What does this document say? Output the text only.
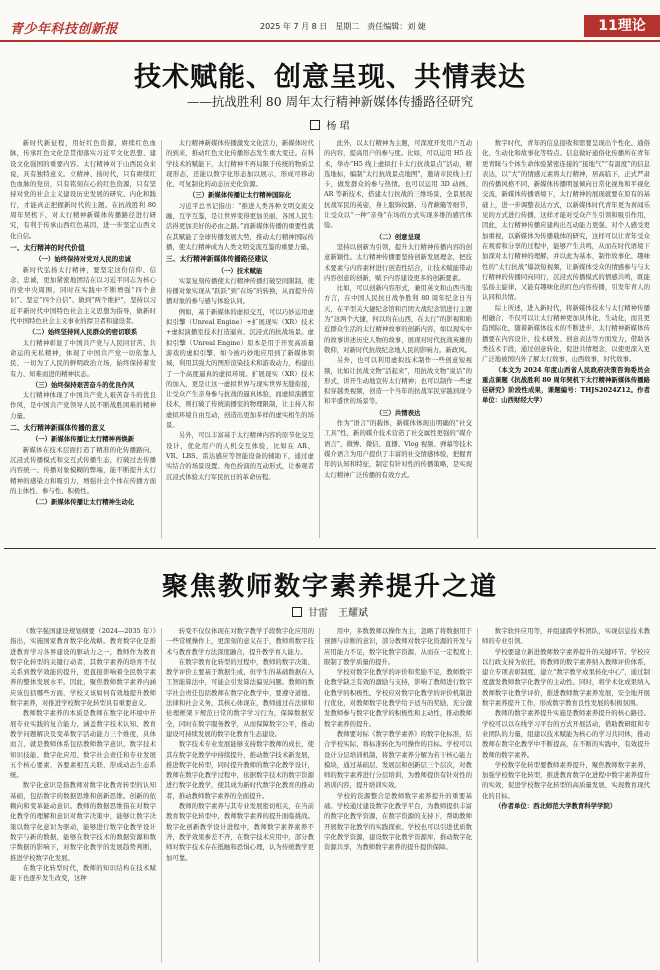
青少年科技创新报	2025 年 7 月 8 日　星期二　责任编辑：刘 婕	11理论
技术赋能、创意呈现、共情表达
——抗战胜利 80 周年太行精神新媒体传播路径研究
杨 珺

新时代新征程，用好红色资源，赓续红色血脉，传承红色文化是贯彻落实习近平文化思想、建设文化强国的重要内容。太行精神对于山西民众来说，具有独特意义。立精神、扬时代，只有赓续红色血脉的党员，只有铭刻在心的红色资源，只有坚持对党的社会主义建设历史发展的研究、内化和践行，才能真正把握新时代的主题。在抗战胜利 80 周年契机下，对太行精神新媒体传播路径进行研究，有利于传承山西红色基因，进一步坚定山西文化自信。

一、太行精神的时代价值
（一）始终保持对党对人民的忠诚

新时代弘扬太行精神，要坚定这份信仰、信念、忠诚，更加紧密地团结在以习近平同志为核心的党中央周围，同时在实践中不断增强“四个意识”、坚定“四个自信”、做到“两个维护”，坚持以习近平新时代中国特色社会主义思想为指导，做新时代中国特色社会主义事业的捍卫者和建设者。

（二）始终坚持同人民群众的密切联系

太行精神彰显了中国共产党与人民同甘苦、共命运的无私精神，体现了中国共产党一切依靠人民、一切为了人民的鲜明政治立场，始终保持着发有力、知难而进的精神状态。

（三）始终保持艰苦奋斗的优良作风

太行精神体现了中国共产党人艰苦奋斗的优良作风，是中国共产党领导人民不断战胜困难的精神力量。

二、太行精神新媒体传播的意义
（一）新媒体传播让太行精神再焕新

新媒体在技术层面打造了精准的化传播路向，沉浸式传播模式和交互式传播生态，打破过去传播内容统一、传播对象模糊的弊端，能不断提升太行精神的感染力和吸引力，增强社会个体在传播方面的主体性、参与性、积极性。

（二）新媒体传播让太行精神生动化

太行精神新媒体传播激发文化活力，新媒体时代的到来，推动红色文化传播形态发生重大变迁。在科学技术的赋能下，太行精神不再局限于传统的物质呈现形态，还能以数字化形态加以展示，形成可移动化、可复制化的动态历史化资源。

（三）新媒体传播让太行精神国际化

习近平总书记指出：“推进人类各种文明交流交融、互学互鉴，是让世界变得更加美丽、各国人民生活得更加美好的必由之路。”而新媒体传播的重要性就在其赋能了全球传播发展大势，推动太行精神国际传播，使太行精神成为人类文明交流互鉴的重要力量。

三、太行精神新媒体传播路径建议
（一）技术赋能

实景复刻传播使太行精神传播打破空间限制，使传播对象实现从“跃跃”到“在场”的转换，从而提升传播对象的参与感与体验认同。

例如，基于新媒体的虚拟交互，可以巧妙运用虚拟引擎（Unreal Engine）+扩展现实（XR）技术+虚拟演播室技术打造逼真、沉浸式的抗战场景。虚拟引擎（Unreal Engine）原本是用于开发高质量游戏的虚拟引擎，如今被巧妙地应用到了新媒体领域，利用其强大的图形渲染技术和游戏动力，构建出了一个高度逼真的虚拟环境。扩展现实（XR）技术的加入，更是让这一虚拟世界与现实世界无缝衔接，让受众产生亲身参与抗战的逼真体验，而虚拟演播室技术，则打破了传统演播室的物理限制，让主持人和虚拟环境自由互动，创造出更加多样的虚实相生的场景。

另外，可以丰富基于太行精神内容的原节化交互设计，优化用户的人机交互体验，比如在 AR、VR、LBS、雷达感应等智能设备的辅助下，通过虚实结合的场景设置、角色扮演的互动形式，让参观者沉浸式体验太行军民抗日的革命历程。

此外，以太行精神为主题，可深度开发用户互动的内容，提高用户的参与度。比如，可以运用 H5 技术，举办“H5 线上虚拟打卡太行抗战景点”活动，精选地标，编制“太行抗战景点地图”，邀请市民线上打卡，做发群众的参与热情。也可以运用 3D 动画、AR 等新技术，搭建太行抗战的三维场景，全景展现抗战军民的英姿，身上服饰纹路、马背颠簸等细节，让受众以“一种”亲身“在场的方式实现多维的感官体验。

（二）创意呈现

坚持以创新为引领，提升太行精神传播内容的创意新颖性。太行精神传播要坚持创新发展理念，把技术要素与内容素材进行创造性结合，让技术赋能带动内容创意的创新，赋予内容建设更多的创新要素。

比如，可以创新内容形式，兼用英文和山西当地方言，在中国人民抗日战争胜利 80 周年纪念日当天，在平型关大捷纪念馆和百团大战纪念馆进行主题为“这两个大捷，何以均在山西，在太行”的影视和贴近群众生活的太行精神故事的创新内容，如以现实中的故事讲述历史人物的故事，展现对时代抗战英雄的敬仰，对新时代抗战纪念地人民的影响力。新政风。

另外，也可以利用虚拟技术制作一些创意短视频，比如让抗战文物“活起来”，用抗战文物“说话”的形式，讲开生动地宣传太行精神；也可以制作一些虚拟穿越类视频，创造一个当年的抗战军民穿越到现今和平盛世的场景等。

（三）共情表达

作为“语言”的载体，新媒体体现出明确的“社交工具”性，新的媒介技术营造了社交属性更强的“媒介语言”，微博、微信、直播、Vlog 视频、弹幕等技术媒介语言为用户提供了丰富的社交情感体验，把握青年的认知和特征，制定有针对性的传播策略，是实现太行精神广泛传播的有效方式。

数字时代，青年的信息接收和需要呈现出个性化、通俗化、生动化和故事化等特点。信息做好通俗化传播所在青年更青睐与个体生命体验紧密连接的“接地气”“有温度”的信息表达，以“大”的情感元素将太行精神，居高临下，正式严肃的传播风格不同，新媒体传播明显倾向日常化视角和平视化交流，新媒体传播语境下，太行精神的展现就要在原有的基础上，进一步调整表达方式，以新媒体时代青年更为喜闻乐见的方式进行传播，这样才能对受众产生引领和吸引作用，因此，太行精神传播应建构出互动能力更强、对个人感受更加重视，以新媒体为传播载体的研究，这样可以让青年受众在观看和分享的过程中，能够产生共鸣，从而在时代语境下加深对太行精神的理解，并以此为基本，制作故事化、趣味性的“太行抗战”爆款短视频，让新媒体受众的情感参与与太行精神的传播同向同行，沉浸式传播模式的情感共鸣，既能弘扬主旋律，又能有趣味化的红色内容传播，引发年青人的认同和共情。

综上所述，进入新时代，将新媒体技术与太行精神传播相融合，不仅可以让太行精神更加具体化、生动化，而且更趋国际化，随着新媒体技术的不断进步，太行精神新媒体传播要在内容设计、技术研发、创意表达等方面发力，借助各类技术手段，通过创意转化，促进共情理念，以使更深入更广泛地被国内外了解太行故事，山西故事，时代故事。

（本文为 2024 年度山西省人民政府决策咨询委员会重点课题《抗战胜利 80 周年契机下太行精神新媒体传播路径研究》阶段性成果，课题编号：THJS2024Z12。作者单位：山西财经大学）

聚焦教师数字素养提升之道
甘雷　王耀斌

《数字强国建设规划纲要（2024—2035 年）》指出，实施国家教育数字化战略。教育数字化是推进教育学习各界建设的驱动力之一，教师作为教育数字化转型的关键行动者，其数字素养的培育不仅关系到教学效能的提升，更直接影响着全民数字素养的整体发展水平。因此，聚焦教师数字素养内涵应该包括哪些方面，学校又该如何有效地提升教师数字素养，对推进学校数字化转型具有重要意义。

教师数字素养的本质是教师在数字化环境中开展专业实践的复合能力，涵盖数字技术认知、教育教学问题解决及变革数字活动能力三个维度，具体而言，就是教师体系包括教师数字意识、数字技术知识技能、数字化应用、数字社会责任和专业发展五个核心要素，各要素相互关联，形成动态生态系统。

数字化意识是指教师对数字化教育转型的认知基础，包括数字的数据思维和创新思维。创新的依赖向和变革能动意识。教师的数据思维指在对数字化教学的理解和意识对数字决策中，能够让数字决策以数字化意识为驱动，能够进行数字化教学设计数字与新的数据，能够在数字技术的数据资源和数字数据的影响下，对数字化教学的发展趋势判断，推进学校数字化发展。

在数字化转型时代，教师的知识结构在技术赋能下也逐步发生改变，这种

转变不仅仅体现在对数字教学手段数字化应用的一些常规操作上，更深刻的意义在于，教师将数字技术与教育教学方法深度融合，提升教学育人能力。

在数字教育化转型的过程中，教师的数字决策、教学评价主要基于数据生成，但学生的基础数据在人工智能算法中，可能会引发算法偏见问题。教师的数字社会责任包括教师在数字化教学中，要遵守道德、法律和社会义务，其核心体现在，教师通过在法律和伦理框架下规范日常的数字学习行为，保障数据安全，同时在数字服务教学，从而保障数字公平，推动建设可持续发展的数字化教育生态建设。

数字技术专业发展能够支持数字教师的成长，使其在数字化教学中持续提升，推动数字技术新发展，推进数字化转型，同时提升教师的数字化教学设计，教师在数字化教学过程中，依据数字技术的数字资源进行数字化教学，使其成为新时代数字化教育的推动者，推动教师数字素养的全面提升。

教师的数字素养与其专业发展密切相关，在当前教育数字化转型中，教师数字素养的提升面临挑战。数字化创新教学设计进程中，教师数字素养素养不齐，教学效果参差不齐，在数字技术应用中，部分教师对数字技术存在抵触和恐惧心理，认为传统教学更加可靠。

用中，多数教师以操作为主，忽略了将数据用于预测与诊断的意识，部分教师对数字化资源的开发与应用能力不足，数字化数字资源，从而在一定程度上限制了教学质量的提升。

学校对数字化教学的评价和奖励不足，教师数字化教学缺乏有效的激励与支持，影响了教师进行数字化教学的积极性。学校应对数字化教学的评价机制进行优化，对教师数字化教学给予适当的奖励，充分激发教师参与数字化教学的积极性和主动性，推动教师数字素养的提升。

教师要对标《数字教学素养》的数字化标准，结合学校实际，将标准转化为可操作的目标。学校可以设计分层培训机制，将数字素养分解为若干核心能力模块，通过基础层、发展层和创新层三个层次，对教师的数字素养进行分层培训，为教师提供有针对性的培训内容，提升培训实效。

学校的资源整合是教师数字素养提升的重要基础。学校通过建设数字化教学平台，为教师提供丰富的数字化教学资源，在数字资源的支持下，帮助教师开展数字化教学的实践探索。学校也可以引进优质数字化教学资源，建设数字化教学资源库，推动数字化资源共享，为教师数字素养的提升提供保障。

数字软件应用等，并组建跨学科团队，实现信息技术教师的专业引领。

学校要建立新进教师数字素养提升的关键环节。学校应以行政支持为依托，将教师的数字素养纳入教师评价体系，建立专项表彰制度，建立“数字教学成果转化中心”，通过制度激发教师数字化教学的主动性。同时，将学术化成果纳入教师数字化教学评价，推进教师数字素养发展，安全地开展数字素养提升工作，形成数字教育良性发展的积极氛围。

教师的数字素养提升实施是教师素养提升的核心路径。学校可以以在线学习平台的方式开展活动，借助教研组和专业团队的力量，组建以技术赋能为核心的学习共同体，推动教师在数字化教学中不断提高，在不断的实践中，有效提升教师的数字素养。

学校数字化转型要教师素养提升，聚焦教师数字素养，加强学校数字化转型，推进教育数字化进程中数字素养提升的实效，促进学校数字化转型的高质量发展，实现教育现代化的目标。

（作者单位：西北师范大学教育科学学院）
